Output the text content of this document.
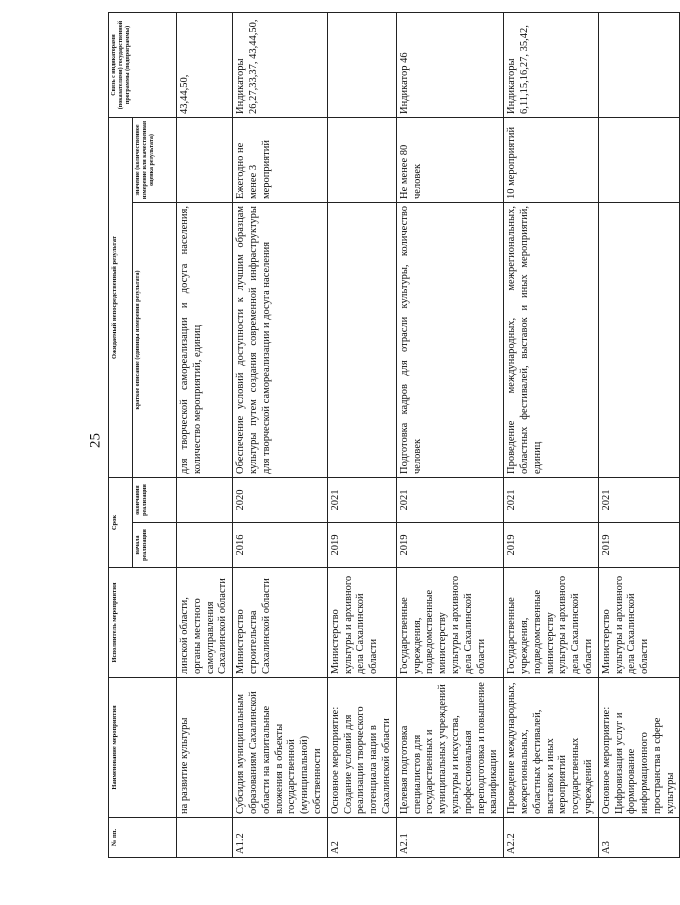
25
№ пп.	Наименование мероприятия	Исполнитель мероприятия	Срок		Ожидаемый непосредственный результат		Связь с индикаторами (показателями) государственной программы (подпрограммы)
			начала реализации	окончания реализации	краткое описание (единицы измерения результата)	значение (количественное измерение или качественная оценка результата)	
	на развитие культуры	линской области, органы местного самоуправления Сахалинской области			для творческой самореализации и досуга населения, количество мероприятий, единиц		43,44,50,
А1.2	Субсидия муниципальным образованиям Сахалинской области на капитальные вложения в объекты государственной (муниципальной) собственности	Министерство строительства Сахалинской области	2016	2020	Обеспечение условий доступности к лучшим образцам культуры путем создания современной инфраструктуры для творческой самореализации и досуга населения	Ежегодно не менее 3 мероприятий	Индикаторы 26,27,33,37, 43,44,50,
А2	Основное мероприятие: Создание условий для реализации творческого потенциала нации в Сахалинской области	Министерство культуры и архивного дела Сахалинской области	2019	2021			
А2.1	Целевая подготовка специалистов для государственных и муниципальных учреждений культуры и искусства, профессиональная переподготовка и повышение квалификации	Государственные учреждения, подведомственные министерству культуры и архивного дела Сахалинской области	2019	2021	Подготовка кадров для отрасли культуры, количество человек	Не менее 80 человек	Индикатор 46
А2.2	Проведение международных, межрегиональных, областных фестивалей, выставок и иных мероприятий государственных учреждений	Государственные учреждения, подведомственные министерству культуры и архивного дела Сахалинской области	2019	2021	Проведение международных, межрегиональных, областных фестивалей, выставок и иных мероприятий, единиц	10 мероприятий	Индикаторы 6,11,15,16,27, 35,42,
А3	Основное мероприятие: Цифровизация услуг и формирование информационного пространства в сфере культуры	Министерство культуры и архивного дела Сахалинской области	2019	2021			
